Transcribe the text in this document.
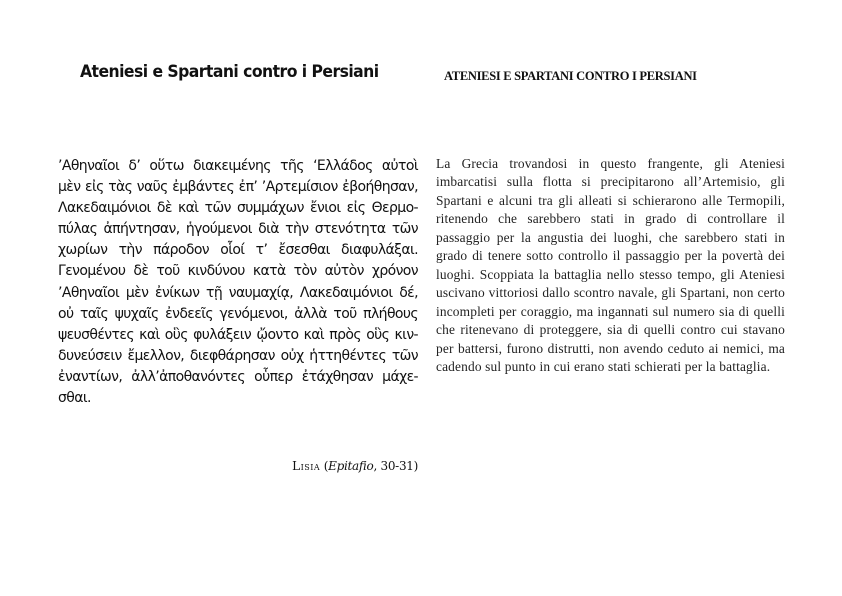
Ateniesi e Spartani contro i Persiani	ATENIESI E SPARTANI CONTRO I PERSIANI
’Αθηναῖοι δ’ οὕτω διακειμένης τῆς ‘Ελλάδος αὐτοὶ
μὲν εἰς τὰς ναῦς ἐμβάντες ἐπ’ ’Αρτεμίσιον ἐβοήθησαν,
Λακεδαιμόνιοι δὲ καὶ τῶν συμμάχων ἔνιοι εἰς Θερμο-
πύλας ἀπήντησαν, ἡγούμενοι διὰ τὴν στενότητα τῶν
χωρίων τὴν πάροδον οἷοί τ’ ἔσεσθαι διαφυλάξαι.
Γενομένου δὲ τοῦ κινδύνου κατὰ τὸν αὐτὸν χρόνον
’Αθηναῖοι μὲν ἐνίκων τῇ ναυμαχίᾳ, Λακεδαιμόνιοι δέ,
οὐ ταῖς ψυχαῖς ἐνδεεῖς γενόμενοι, ἀλλὰ τοῦ πλήθους
ψευσθέντες καὶ οὓς φυλάξειν ᾤοντο καὶ πρὸς οὓς κιν-
δυνεύσειν ἔμελλον, διεφθάρησαν οὐχ ἡττηθέντες τῶν
ἐναντίων, ἀλλ’ἀποθανόντες οὗπερ ἐτάχθησαν μάχε-
σθαι.
Lisia (Epitafio, 30-31)
La Grecia trovandosi in questo frangente, gli Ateniesi imbarcatisi sulla flotta si precipitarono all’Artemisio, gli Spartani e alcuni tra gli alleati si schierarono alle Termopili, ritenendo che sarebbero stati in grado di controllare il passaggio per la angustia dei luoghi, che sarebbero stati in grado di tenere sotto controllo il passaggio per la povertà dei luoghi. Scoppiata la battaglia nello stesso tempo, gli Ateniesi uscivano vittoriosi dallo scontro navale, gli Spartani, non certo incompleti per coraggio, ma ingannati sul numero sia di quelli che ritenevano di proteggere, sia di quelli contro cui stavano per battersi, furono distrutti, non avendo ceduto ai nemici, ma cadendo sul punto in cui erano stati schierati per la battaglia.
